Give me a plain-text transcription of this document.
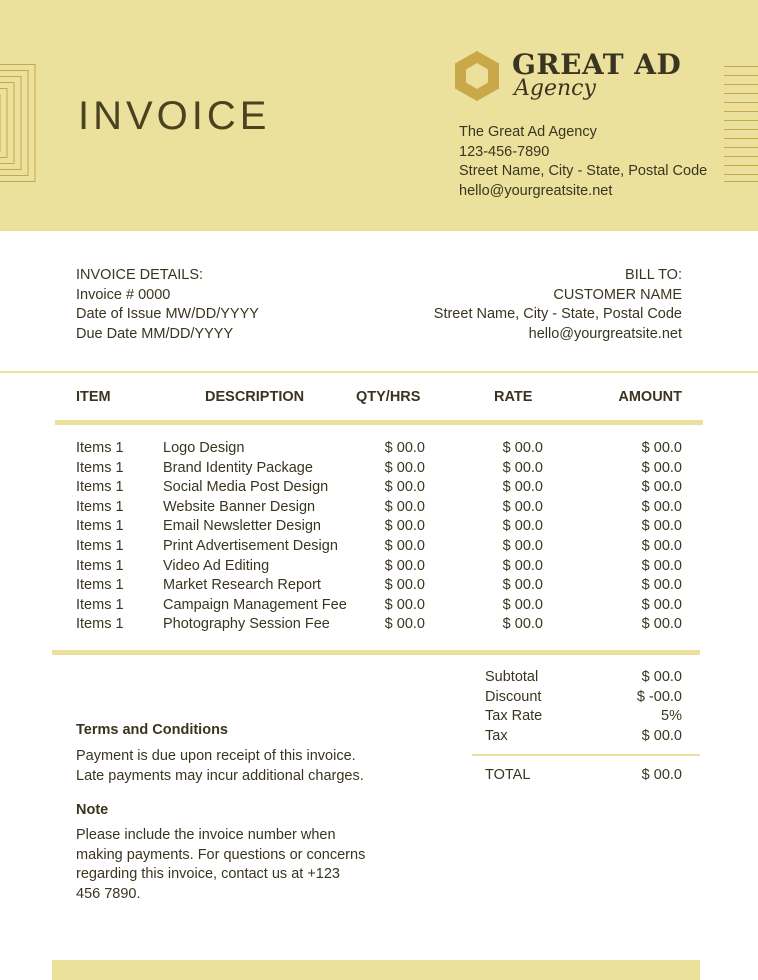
INVOICE
GREAT AD
Agency
The Great Ad Agency
123-456-7890
Street Name, City - State, Postal Code
hello@yourgreatsite.net
INVOICE DETAILS:
Invoice # 0000
Date of Issue MW/DD/YYYY
Due Date MM/DD/YYYY
BILL TO:
CUSTOMER NAME
Street Name, City - State, Postal Code
hello@yourgreatsite.net
ITEM	DESCRIPTION	QTY/HRS	RATE	AMOUNT
Items 1	Logo Design	$ 00.0	$ 00.0	$ 00.0
Items 1	Brand Identity Package	$ 00.0	$ 00.0	$ 00.0
Items 1	Social Media Post Design	$ 00.0	$ 00.0	$ 00.0
Items 1	Website Banner Design	$ 00.0	$ 00.0	$ 00.0
Items 1	Email Newsletter Design	$ 00.0	$ 00.0	$ 00.0
Items 1	Print Advertisement Design	$ 00.0	$ 00.0	$ 00.0
Items 1	Video Ad Editing	$ 00.0	$ 00.0	$ 00.0
Items 1	Market Research Report	$ 00.0	$ 00.0	$ 00.0
Items 1	Campaign Management Fee	$ 00.0	$ 00.0	$ 00.0
Items 1	Photography Session Fee	$ 00.0	$ 00.0	$ 00.0
Subtotal	$ 00.0
Discount	$ -00.0
Tax Rate	5%
Tax	$ 00.0
TOTAL	$ 00.0
Terms and Conditions
Payment is due upon receipt of this invoice. Late payments may incur additional charges.
Note
Please include the invoice number when making payments. For questions or concerns regarding this invoice, contact us at +123 456 7890.
